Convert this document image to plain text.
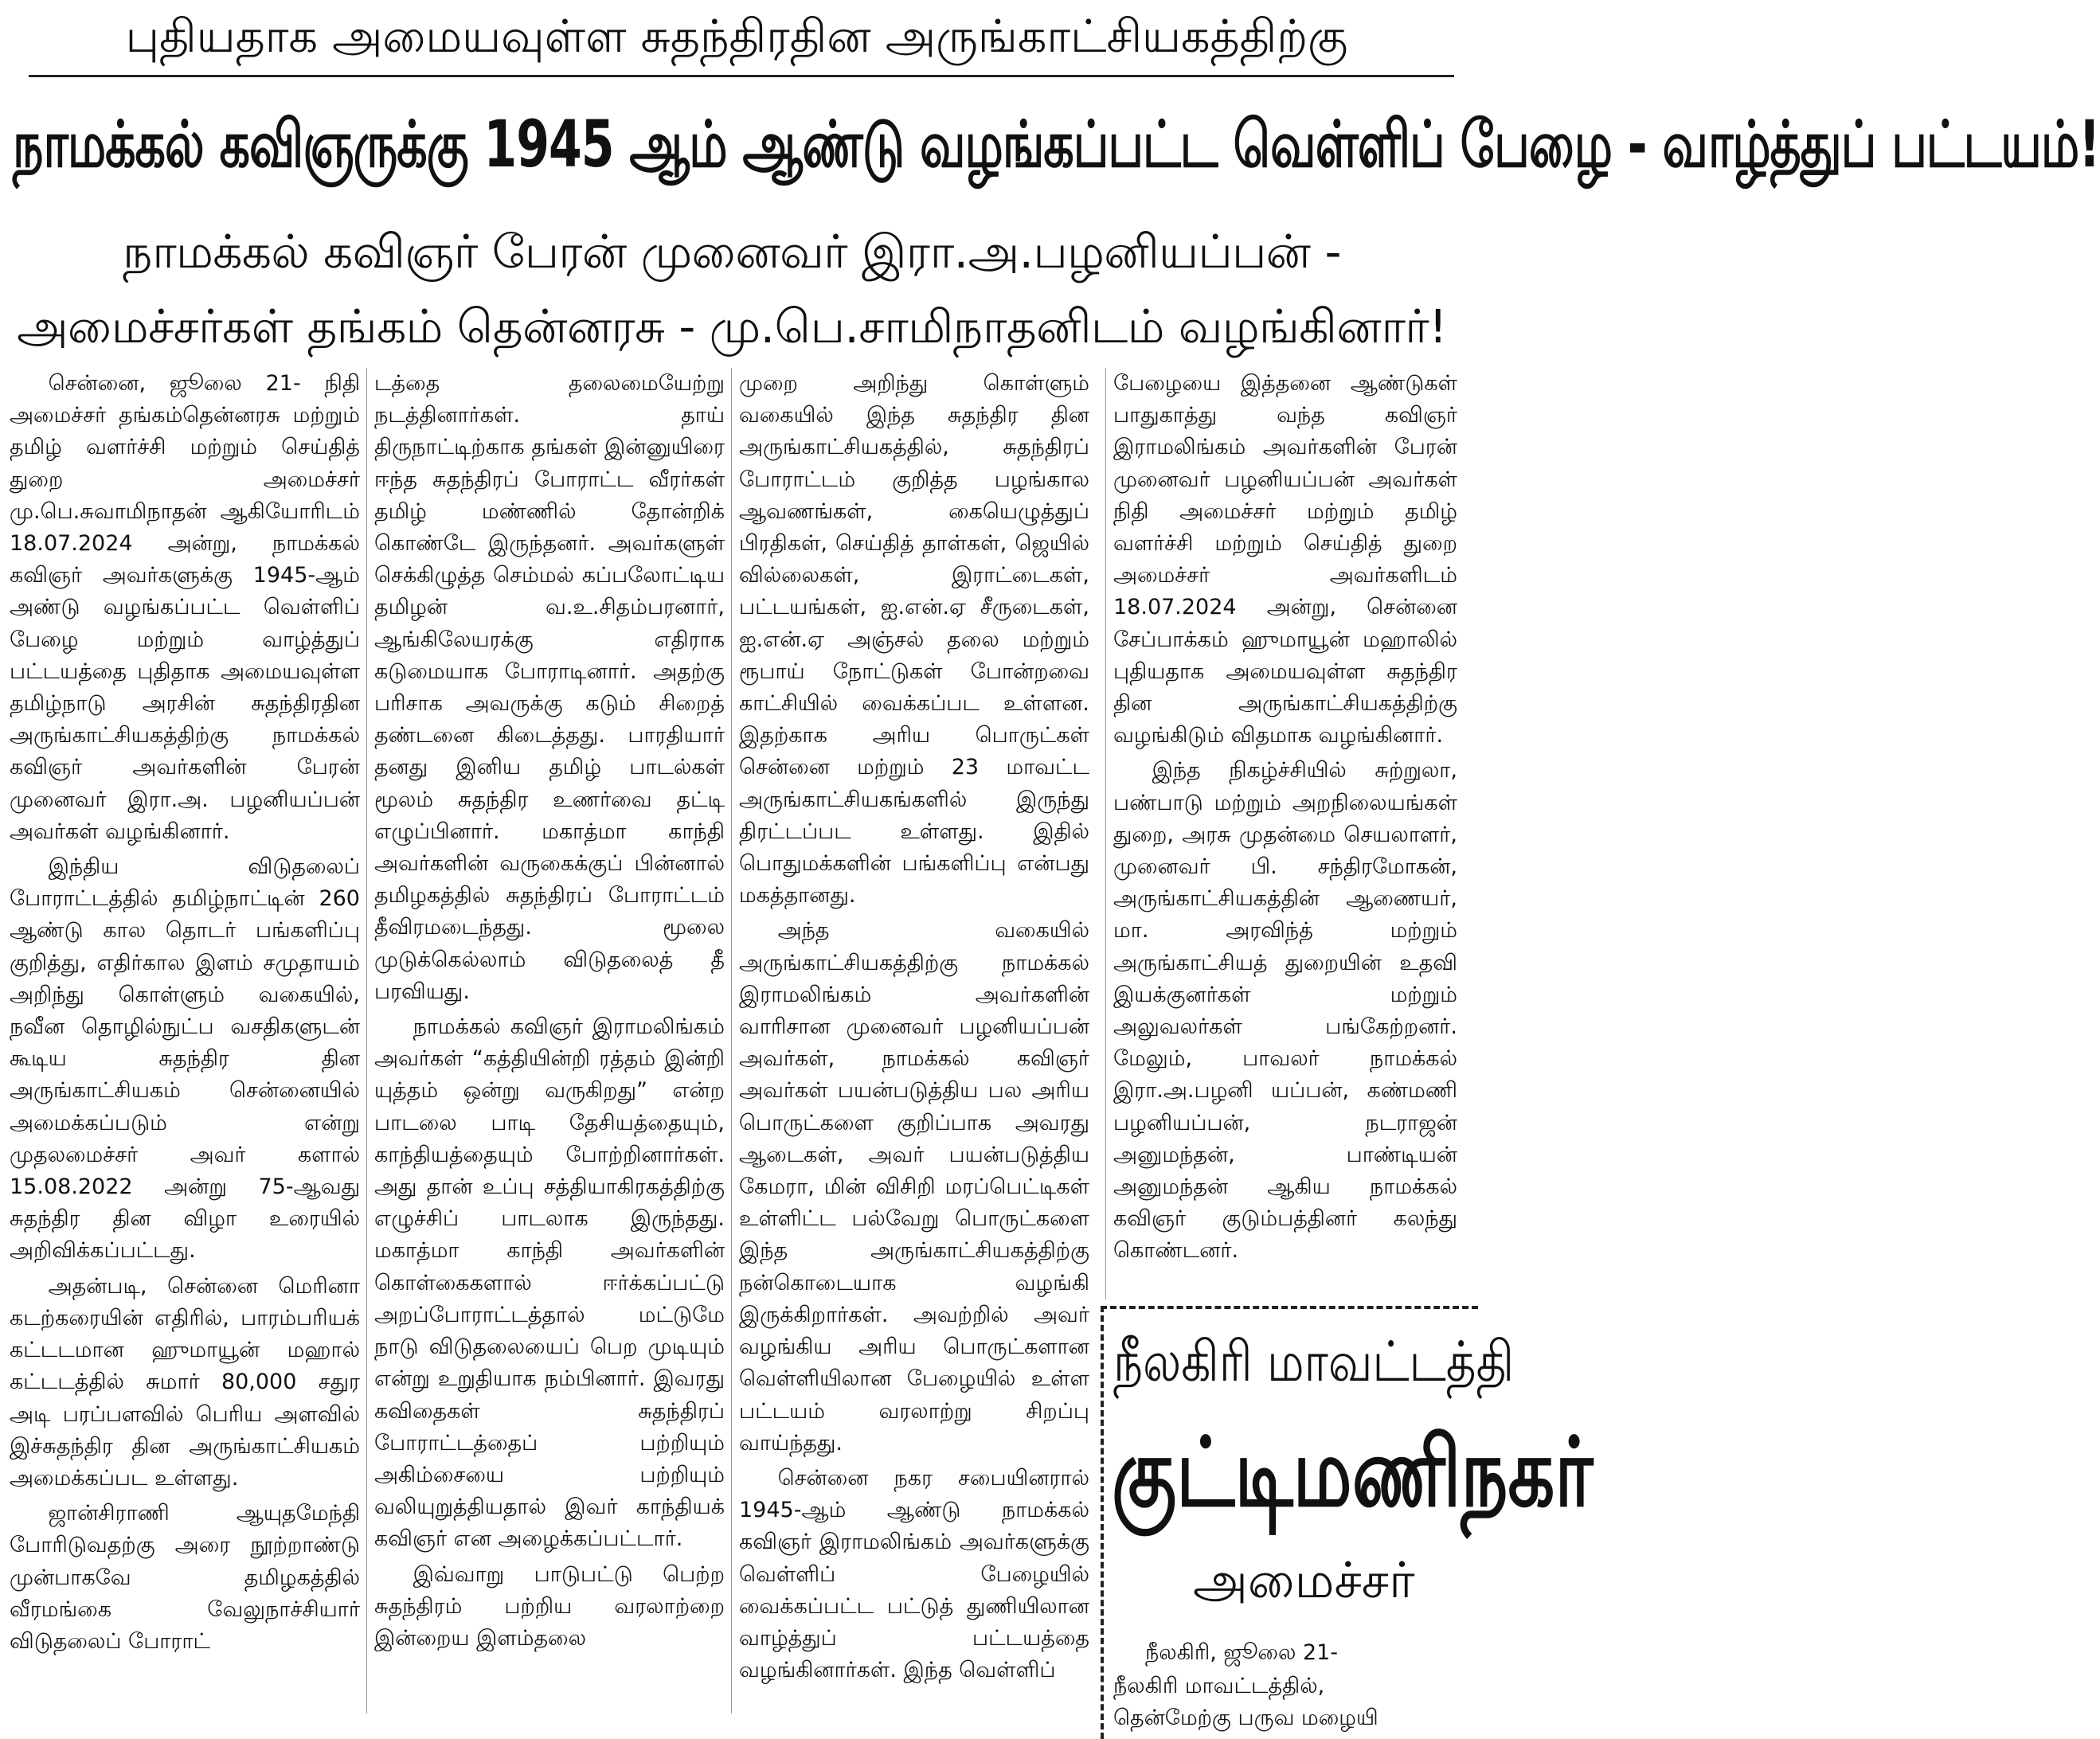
புதியதாக அமையவுள்ள சுதந்திரதின அருங்காட்சியகத்திற்கு
நாமக்கல் கவிஞருக்கு 1945 ஆம் ஆண்டு வழங்கப்பட்ட வெள்ளிப் பேழை - வாழ்த்துப் பட்டயம்!
நாமக்கல் கவிஞர் பேரன் முனைவர் இரா.அ.பழனியப்பன் -
அமைச்சர்கள் தங்கம் தென்னரசு - மு.பெ.சாமிநாதனிடம் வழங்கினார்!

சென்னை, ஜூலை 21- நிதி அமைச்சர் தங்கம்தென்னரசு மற்றும் தமிழ் வளர்ச்சி மற்றும் செய்தித் துறை அமைச்சர் மு.பெ.சுவாமிநாதன் ஆகியோரிடம் 18.07.2024 அன்று, நாமக்கல் கவிஞர் அவர்களுக்கு 1945-ஆம் அண்டு வழங்கப்பட்ட வெள்ளிப் பேழை மற்றும் வாழ்த்துப் பட்டயத்தை புதிதாக அமையவுள்ள தமிழ்நாடு அரசின் சுதந்திரதின அருங்காட்சியகத்திற்கு நாமக்கல் கவிஞர் அவர்களின் பேரன் முனைவர் இரா.அ. பழனியப்பன் அவர்கள் வழங்கினார்.

இந்திய விடுதலைப் போராட்டத்தில் தமிழ்நாட்டின் 260 ஆண்டு கால தொடர் பங்களிப்பு குறித்து, எதிர்கால இளம் சமுதாயம் அறிந்து கொள்ளும் வகையில், நவீன தொழில்நுட்ப வசதிகளுடன் கூடிய சுதந்திர தின அருங்காட்சியகம் சென்னையில் அமைக்கப்படும் என்று முதலமைச்சர் அவர் களால் 15.08.2022 அன்று 75-ஆவது சுதந்திர தின விழா உரையில் அறிவிக்கப்பட்டது.

அதன்படி, சென்னை மெரினா கடற்கரையின் எதிரில், பாரம்பரியக் கட்டடமான ஹுமாயூன் மஹால் கட்டடத்தில் சுமார் 80,000 சதுர அடி பரப்பளவில் பெரிய அளவில் இச்சுதந்திர தின அருங்காட்சியகம் அமைக்கப்பட உள்ளது.

ஜான்சிராணி ஆயுதமேந்தி போரிடுவதற்கு அரை நூற்றாண்டு முன்பாகவே தமிழகத்தில் வீரமங்கை வேலுநாச்சியார் விடுதலைப் போராட்

டத்தை தலைமையேற்று நடத்தினார்கள். தாய் திருநாட்டிற்காக தங்கள் இன்னுயிரை ஈந்த சுதந்திரப் போராட்ட வீரர்கள் தமிழ் மண்ணில் தோன்றிக் கொண்டே இருந்தனர். அவர்களுள் செக்கிழுத்த செம்மல் கப்பலோட்டிய தமிழன் வ.உ.சிதம்பரனார், ஆங்கிலேயரக்கு எதிராக கடுமையாக போராடினார். அதற்கு பரிசாக அவருக்கு கடும் சிறைத் தண்டனை கிடைத்தது. பாரதியார் தனது இனிய தமிழ் பாடல்கள் மூலம் சுதந்திர உணர்வை தட்டி எழுப்பினார். மகாத்மா காந்தி அவர்களின் வருகைக்குப் பின்னால் தமிழகத்தில் சுதந்திரப் போராட்டம் தீவிரமடைந்தது. மூலை முடுக்கெல்லாம் விடுதலைத் தீ பரவியது.

நாமக்கல் கவிஞர் இராமலிங்கம் அவர்கள் “கத்தியின்றி ரத்தம் இன்றி யுத்தம் ஒன்று வருகிறது” என்ற பாடலை பாடி தேசியத்தையும், காந்தியத்தையும் போற்றினார்கள். அது தான் உப்பு சத்தியாகிரகத்திற்கு எழுச்சிப் பாடலாக இருந்தது. மகாத்மா காந்தி அவர்களின் கொள்கைகளால் ஈர்க்கப்பட்டு அறப்போராட்டத்தால் மட்டுமே நாடு விடுதலையைப் பெற முடியும் என்று உறுதியாக நம்பினார். இவரது கவிதைகள் சுதந்திரப் போராட்டத்தைப் பற்றியும் அகிம்சையை பற்றியும் வலியுறுத்தியதால் இவர் காந்தியக் கவிஞர் என அழைக்கப்பட்டார்.

இவ்வாறு பாடுபட்டு பெற்ற சுதந்திரம் பற்றிய வரலாற்றை இன்றைய இளம்தலை

முறை அறிந்து கொள்ளும் வகையில் இந்த சுதந்திர தின அருங்காட்சியகத்தில், சுதந்திரப் போராட்டம் குறித்த பழங்கால ஆவணங்கள், கையெழுத்துப் பிரதிகள், செய்தித் தாள்கள், ஜெயில் வில்லைகள், இராட்டைகள், பட்டயங்கள், ஐ.என்.ஏ சீருடைகள், ஐ.என்.ஏ அஞ்சல் தலை மற்றும் ரூபாய் நோட்டுகள் போன்றவை காட்சியில் வைக்கப்பட உள்ளன. இதற்காக அரிய பொருட்கள் சென்னை மற்றும் 23 மாவட்ட அருங்காட்சியகங்களில் இருந்து திரட்டப்பட உள்ளது. இதில் பொதுமக்களின் பங்களிப்பு என்பது மகத்தானது.

அந்த வகையில் அருங்காட்சியகத்திற்கு நாமக்கல் இராமலிங்கம் அவர்களின் வாரிசான முனைவர் பழனியப்பன் அவர்கள், நாமக்கல் கவிஞர் அவர்கள் பயன்படுத்திய பல அரிய பொருட்களை குறிப்பாக அவரது ஆடைகள், அவர் பயன்படுத்திய கேமரா, மின் விசிறி மரப்பெட்டிகள் உள்ளிட்ட பல்வேறு பொருட்களை இந்த அருங்காட்சியகத்திற்கு நன்கொடையாக வழங்கி இருக்கிறார்கள். அவற்றில் அவர் வழங்கிய அரிய பொருட்களான வெள்ளியிலான பேழையில் உள்ள பட்டயம் வரலாற்று சிறப்பு வாய்ந்தது.

சென்னை நகர சபையினரால் 1945-ஆம் ஆண்டு நாமக்கல் கவிஞர் இராமலிங்கம் அவர்களுக்கு வெள்ளிப் பேழையில் வைக்கப்பட்ட பட்டுத் துணியிலான வாழ்த்துப் பட்டயத்தை வழங்கினார்கள். இந்த வெள்ளிப்

பேழையை இத்தனை ஆண்டுகள் பாதுகாத்து வந்த கவிஞர் இராமலிங்கம் அவர்களின் பேரன் முனைவர் பழனியப்பன் அவர்கள் நிதி அமைச்சர் மற்றும் தமிழ் வளர்ச்சி மற்றும் செய்தித் துறை அமைச்சர் அவர்களிடம் 18.07.2024 அன்று, சென்னை சேப்பாக்கம் ஹுமாயூன் மஹாலில் புதியதாக அமையவுள்ள சுதந்திர தின அருங்காட்சியகத்திற்கு வழங்கிடும் விதமாக வழங்கினார்.

இந்த நிகழ்ச்சியில் சுற்றுலா, பண்பாடு மற்றும் அறநிலையங்கள் துறை, அரசு முதன்மை செயலாளர், முனைவர் பி. சந்திரமோகன், அருங்காட்சியகத்தின் ஆணையர், மா. அரவிந்த் மற்றும் அருங்காட்சியத் துறையின் உதவி இயக்குனர்கள் மற்றும் அலுவலர்கள் பங்கேற்றனர். மேலும், பாவலர் நாமக்கல் இரா.அ.பழனி யப்பன், கண்மணி பழனியப்பன், நடராஜன் அனுமந்தன், பாண்டியன் அனுமந்தன் ஆகிய நாமக்கல் கவிஞர் குடும்பத்தினர் கலந்து கொண்டனர்.

நீலகிரி மாவட்டத்தி
குட்டிமணிநகர்
அமைச்சர்
நீலகிரி, ஜூலை 21-
நீலகிரி மாவட்டத்தில்,
தென்மேற்கு பருவ மழையி
